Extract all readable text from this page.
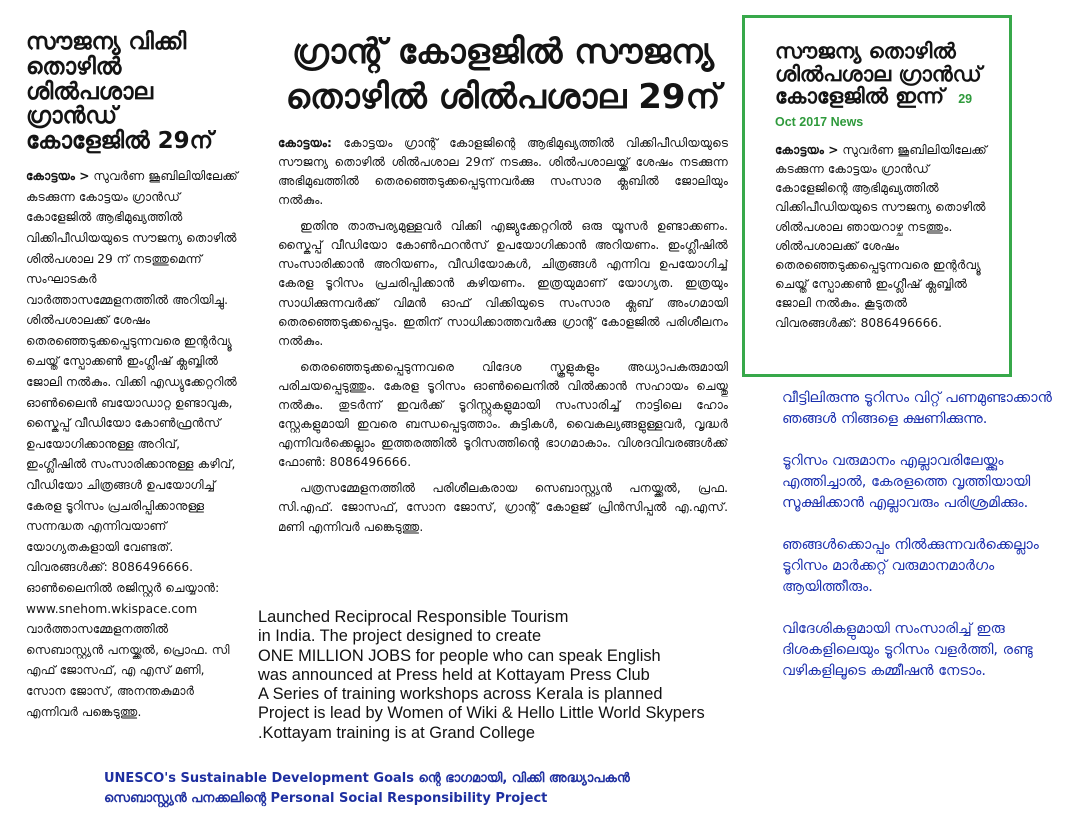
സൗജന്യ വിക്കി തൊഴിൽ ശിൽപശാല ഗ്രാൻഡ് കോളേജിൽ 29ന്

കോട്ടയം > സുവർണ ജൂബിലിയിലേക്ക് കടക്കുന്ന കോട്ടയം ഗ്രാൻഡ് കോളേജിൽ ആഭിമുഖ്യത്തിൽ വിക്കിപീഡിയയുടെ സൗജന്യ തൊഴിൽ ശിൽപശാല 29 ന് നടത്തുമെന്ന് സംഘാടകർ വാർത്താസമ്മേളനത്തിൽ അറിയിച്ചു. ശിൽപശാലക്ക് ശേഷം തെരഞ്ഞെടുക്കപ്പെടുന്നവരെ ഇന്റർവ്യൂ ചെയ്ത് സ്പോക്കൺ ഇംഗ്ലീഷ് ക്ലബ്ബിൽ ജോലി നൽകും. വിക്കി എഡ്യുക്കേറ്ററിൽ ഓൺലൈൻ ബയോഡാറ്റ ഉണ്ടാവുക, സ്കൈപ്പ് വീഡിയോ കോൺഫ്രൻസ് ഉപയോഗിക്കാനുള്ള അറിവ്, ഇംഗ്ലീഷിൽ സംസാരിക്കാനുള്ള കഴിവ്, വീഡിയോ ചിത്രങ്ങൾ ഉപയോഗിച്ച് കേരള ടൂറിസം പ്രചരിപ്പിക്കാനുള്ള സന്നദ്ധത എന്നിവയാണ് യോഗ്യതകളായി വേണ്ടത്. വിവരങ്ങൾക്ക്: 8086496666. ഓൺലൈനിൽ രജിസ്റ്റർ ചെയ്യാൻ: www.snehom.wkispace.com വാർത്താസമ്മേളനത്തിൽ സെബാസ്റ്റ്യൻ പനയ്ക്കൽ, പ്രൊഫ. സി എഫ് ജോസഫ്, എ എസ് മണി, സോന ജോസ്, അനന്തകുമാർ എന്നിവർ പങ്കെടുത്തു.

ഗ്രാന്റ് കോളജിൽ സൗജന്യ തൊഴിൽ ശിൽപശാല 29ന്

കോട്ടയം: കോട്ടയം ഗ്രാന്റ് കോളജിന്റെ ആഭിമുഖ്യത്തിൽ വിക്കിപീഡിയയുടെ സൗജന്യ തൊഴിൽ ശിൽപശാല 29ന് നടക്കും. ശിൽപശാലയ്ക്ക് ശേഷം നടക്കുന്ന അഭിമുഖത്തിൽ തെരഞ്ഞെടുക്കപ്പെടുന്നവർക്കു സംസാര ക്ലബിൽ ജോലിയും നൽകും.

ഇതിനു താത്പര്യമുള്ളവർ വിക്കി എജ്യുക്കേറ്ററിൽ ഒരു യൂസർ ഉണ്ടാക്കണം. സ്കൈപ്പ് വീഡിയോ കോൺഫറൻസ് ഉപയോഗിക്കാൻ അറിയണം. ഇംഗ്ലീഷിൽ സംസാരിക്കാൻ അറിയണം, വീഡിയോകൾ, ചിത്രങ്ങൾ എന്നിവ ഉപയോഗിച്ച് കേരള ടൂറിസം പ്രചരിപ്പിക്കാൻ കഴിയണം. ഇത്രയുമാണ് യോഗ്യത. ഇത്രയും സാധിക്കുന്നവർക്ക് വിമൻ ഓഫ് വിക്കിയുടെ സംസാര ക്ലബ് അംഗമായി തെരഞ്ഞെടുക്കപ്പെടും. ഇതിന് സാധിക്കാത്തവർക്കു ഗ്രാന്റ് കോളജിൽ പരിശീലനം നൽകും.

തെരഞ്ഞെടുക്കപ്പെടുന്നവരെ വിദേശ സ്കൂളുകളും അധ്യാപകരുമായി പരിചയപ്പെടുത്തും. കേരള ടൂറിസം ഓൺലൈനിൽ വിൽക്കാൻ സഹായം ചെയ്തു നൽകും. തുടർന്ന് ഇവർക്ക് ടൂറിസ്റ്റുകളുമായി സംസാരിച്ച് നാട്ടിലെ ഹോം സ്റ്റേകളുമായി ഇവരെ ബന്ധപ്പെടുത്താം. കുട്ടികൾ, വൈകല്യങ്ങളുള്ളവർ, വൃദ്ധർ എന്നിവർക്കെല്ലാം ഇത്തരത്തിൽ ടൂറിസത്തിന്റെ ഭാഗമാകാം. വിശദവിവരങ്ങൾക്ക് ഫോൺ: 8086496666.

പത്രസമ്മേളനത്തിൽ പരിശീലകരായ സെബാസ്റ്റ്യൻ പനയ്ക്കൽ, പ്രഫ. സി.എഫ്. ജോസഫ്, സോന ജോസ്, ഗ്രാന്റ് കോളജ് പ്രിൻസിപ്പൽ എ.എസ്. മണി എന്നിവർ പങ്കെടുത്തു.

സൗജന്യ തൊഴിൽ ശിൽപശാല ഗ്രാൻഡ് കോളേജിൽ ഇന്ന് 29 Oct 2017 News

കോട്ടയം > സുവർണ ജൂബിലിയിലേക്ക് കടക്കുന്ന കോട്ടയം ഗ്രാൻഡ് കോളേജിന്റെ ആഭിമുഖ്യത്തിൽ വിക്കിപീഡിയയുടെ സൗജന്യ തൊഴിൽ ശിൽപശാല ഞായറാഴ്ച നടത്തും. ശിൽപശാലക്ക് ശേഷം തെരഞ്ഞെടുക്കപ്പെടുന്നവരെ ഇന്റർവ്യൂ ചെയ്ത് സ്പോക്കൺ ഇംഗ്ലീഷ് ക്ലബ്ബിൽ ജോലി നൽകും. കൂടുതൽ വിവരങ്ങൾക്ക്: 8086496666.

വീട്ടിലിരുന്നു ടൂറിസം വിറ്റ് പണമുണ്ടാക്കാൻ ഞങ്ങൾ നിങ്ങളെ ക്ഷണിക്കുന്നു.

ടൂറിസം വരുമാനം എല്ലാവരിലേയ്ക്കും എത്തിച്ചാൽ, കേരളത്തെ വൃത്തിയായി സൂക്ഷിക്കാൻ എല്ലാവരും പരിശ്രമിക്കും.

ഞങ്ങൾക്കൊപ്പം നിൽക്കുന്നവർക്കെല്ലാം ടൂറിസം മാർക്കറ്റ് വരുമാനമാർഗം ആയിത്തീരും.

വിദേശികളുമായി സംസാരിച്ച് ഇരു ദിശകളിലെയും ടൂറിസം വളർത്തി, രണ്ടു വഴികളിലൂടെ കമ്മീഷൻ നേടാം.

Launched Reciprocal Responsible Tourism
in India. The project designed to create
ONE MILLION JOBS for people who can speak English
was announced at Press held at Kottayam Press Club
A Series of training workshops across Kerala is planned
Project is lead by Women of Wiki & Hello Little World Skypers
.Kottayam training is at Grand College
UNESCO's Sustainable Development Goals ന്റെ ഭാഗമായി, വിക്കി അദ്ധ്യാപകൻ
സെബാസ്റ്റ്യൻ പനക്കലിന്റെ Personal Social Responsibility Project
